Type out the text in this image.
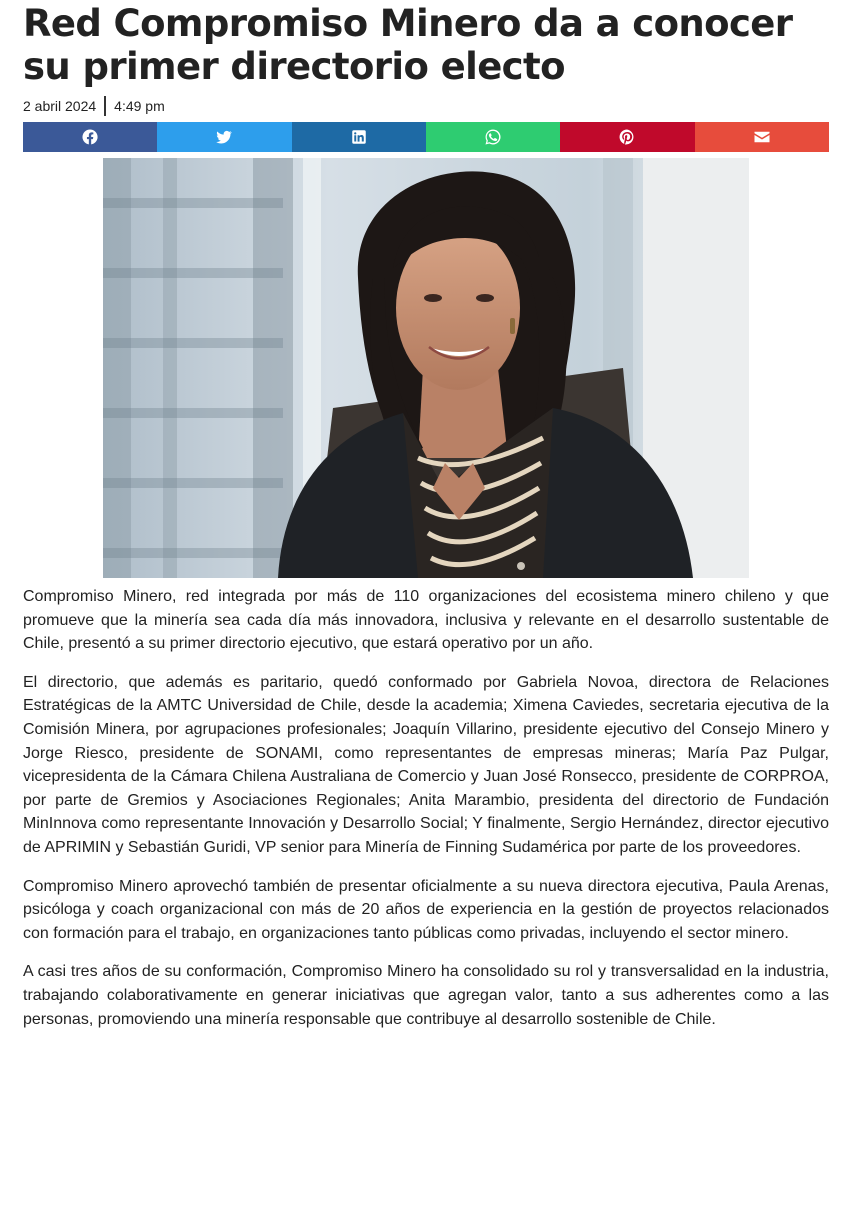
Red Compromiso Minero da a conocer su primer directorio electo
2 abril 2024 4:49 pm

Compromiso Minero, red integrada por más de 110 organizaciones del ecosistema minero chileno y que promueve que la minería sea cada día más innovadora, inclusiva y relevante en el desarrollo sustentable de Chile, presentó a su primer directorio ejecutivo, que estará operativo por un año.

El directorio, que además es paritario, quedó conformado por Gabriela Novoa, directora de Relaciones Estratégicas de la AMTC Universidad de Chile, desde la academia; Ximena Caviedes, secretaria ejecutiva de la Comisión Minera, por agrupaciones profesionales; Joaquín Villarino, presidente ejecutivo del Consejo Minero y Jorge Riesco, presidente de SONAMI, como representantes de empresas mineras; María Paz Pulgar, vicepresidenta de la Cámara Chilena Australiana de Comercio y Juan José Ronsecco, presidente de CORPROA, por parte de Gremios y Asociaciones Regionales; Anita Marambio, presidenta del directorio de Fundación MinInnova como representante Innovación y Desarrollo Social; Y finalmente, Sergio Hernández, director ejecutivo de APRIMIN y Sebastián Guridi, VP senior para Minería de Finning Sudamérica por parte de los proveedores.

Compromiso Minero aprovechó también de presentar oficialmente a su nueva directora ejecutiva, Paula Arenas, psicóloga y coach organizacional con más de 20 años de experiencia en la gestión de proyectos relacionados con formación para el trabajo, en organizaciones tanto públicas como privadas, incluyendo el sector minero.

A casi tres años de su conformación, Compromiso Minero ha consolidado su rol y transversalidad en la industria, trabajando colaborativamente en generar iniciativas que agregan valor, tanto a sus adherentes como a las personas, promoviendo una minería responsable que contribuye al desarrollo sostenible de Chile.
